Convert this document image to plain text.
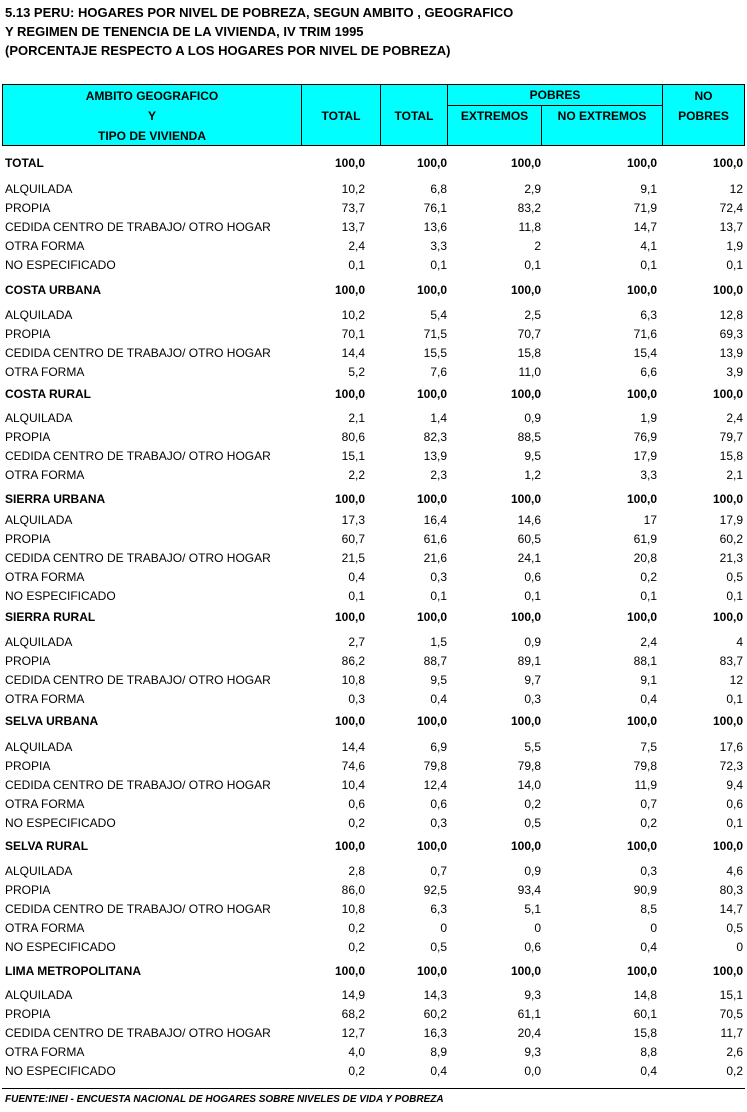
5.13 PERU: HOGARES POR NIVEL DE POBREZA, SEGUN AMBITO , GEOGRAFICO
Y REGIMEN DE TENENCIA DE LA VIVIENDA, IV TRIM 1995
(PORCENTAJE RESPECTO A LOS HOGARES POR NIVEL DE POBREZA)
AMBITO GEOGRAFICO
Y
TIPO DE VIVIENDA
TOTAL	TOTAL
POBRES
EXTREMOS	NO EXTREMOS
NO
POBRES
TOTAL	100,0	100,0	100,0	100,0	100,0
ALQUILADA	10,2	6,8	2,9	9,1	12
PROPIA	73,7	76,1	83,2	71,9	72,4
CEDIDA CENTRO DE TRABAJO/ OTRO HOGAR	13,7	13,6	11,8	14,7	13,7
OTRA FORMA	2,4	3,3	2	4,1	1,9
NO ESPECIFICADO	0,1	0,1	0,1	0,1	0,1
COSTA URBANA	100,0	100,0	100,0	100,0	100,0
ALQUILADA	10,2	5,4	2,5	6,3	12,8
PROPIA	70,1	71,5	70,7	71,6	69,3
CEDIDA CENTRO DE TRABAJO/ OTRO HOGAR	14,4	15,5	15,8	15,4	13,9
OTRA FORMA	5,2	7,6	11,0	6,6	3,9
COSTA RURAL	100,0	100,0	100,0	100,0	100,0
ALQUILADA	2,1	1,4	0,9	1,9	2,4
PROPIA	80,6	82,3	88,5	76,9	79,7
CEDIDA CENTRO DE TRABAJO/ OTRO HOGAR	15,1	13,9	9,5	17,9	15,8
OTRA FORMA	2,2	2,3	1,2	3,3	2,1
SIERRA URBANA	100,0	100,0	100,0	100,0	100,0
ALQUILADA	17,3	16,4	14,6	17	17,9
PROPIA	60,7	61,6	60,5	61,9	60,2
CEDIDA CENTRO DE TRABAJO/ OTRO HOGAR	21,5	21,6	24,1	20,8	21,3
OTRA FORMA	0,4	0,3	0,6	0,2	0,5
NO ESPECIFICADO	0,1	0,1	0,1	0,1	0,1
SIERRA RURAL	100,0	100,0	100,0	100,0	100,0
ALQUILADA	2,7	1,5	0,9	2,4	4
PROPIA	86,2	88,7	89,1	88,1	83,7
CEDIDA CENTRO DE TRABAJO/ OTRO HOGAR	10,8	9,5	9,7	9,1	12
OTRA FORMA	0,3	0,4	0,3	0,4	0,1
SELVA URBANA	100,0	100,0	100,0	100,0	100,0
ALQUILADA	14,4	6,9	5,5	7,5	17,6
PROPIA	74,6	79,8	79,8	79,8	72,3
CEDIDA CENTRO DE TRABAJO/ OTRO HOGAR	10,4	12,4	14,0	11,9	9,4
OTRA FORMA	0,6	0,6	0,2	0,7	0,6
NO ESPECIFICADO	0,2	0,3	0,5	0,2	0,1
SELVA RURAL	100,0	100,0	100,0	100,0	100,0
ALQUILADA	2,8	0,7	0,9	0,3	4,6
PROPIA	86,0	92,5	93,4	90,9	80,3
CEDIDA CENTRO DE TRABAJO/ OTRO HOGAR	10,8	6,3	5,1	8,5	14,7
OTRA FORMA	0,2	0	0	0	0,5
NO ESPECIFICADO	0,2	0,5	0,6	0,4	0
LIMA METROPOLITANA	100,0	100,0	100,0	100,0	100,0
ALQUILADA	14,9	14,3	9,3	14,8	15,1
PROPIA	68,2	60,2	61,1	60,1	70,5
CEDIDA CENTRO DE TRABAJO/ OTRO HOGAR	12,7	16,3	20,4	15,8	11,7
OTRA FORMA	4,0	8,9	9,3	8,8	2,6
NO ESPECIFICADO	0,2	0,4	0,0	0,4	0,2
FUENTE:INEI - ENCUESTA NACIONAL DE HOGARES SOBRE NIVELES DE VIDA Y POBREZA
